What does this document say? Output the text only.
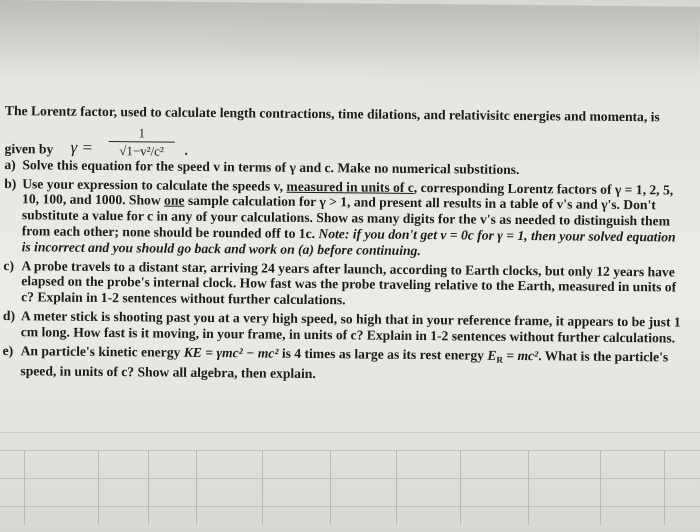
The Lorentz factor, used to calculate length contractions, time dilations, and relativisitc energies and momenta, is
given by γ =
1
√1−v²/c²	.
a) Solve this equation for the speed v in terms of γ and c. Make no numerical substitions.
b) Use your expression to calculate the speeds v, measured in units of c, corresponding Lorentz factors of γ = 1, 2, 5, 10, 100, and 1000. Show one sample calculation for γ > 1, and present all results in a table of v's and γ's. Don't substitute a value for c in any of your calculations. Show as many digits for the v's as needed to distinguish them from each other; none should be rounded off to 1c. Note: if you don't get v = 0c for γ = 1, then your solved equation is incorrect and you should go back and work on (a) before continuing.
c) A probe travels to a distant star, arriving 24 years after launch, according to Earth clocks, but only 12 years have elapsed on the probe's internal clock. How fast was the probe traveling relative to the Earth, measured in units of c? Explain in 1-2 sentences without further calculations.
d) A meter stick is shooting past you at a very high speed, so high that in your reference frame, it appears to be just 1 cm long. How fast is it moving, in your frame, in units of c? Explain in 1-2 sentences without further calculations.
e) An particle's kinetic energy KE = γmc² − mc² is 4 times as large as its rest energy $E_R = mc^2$. What is the particle's speed, in units of c? Show all algebra, then explain.
